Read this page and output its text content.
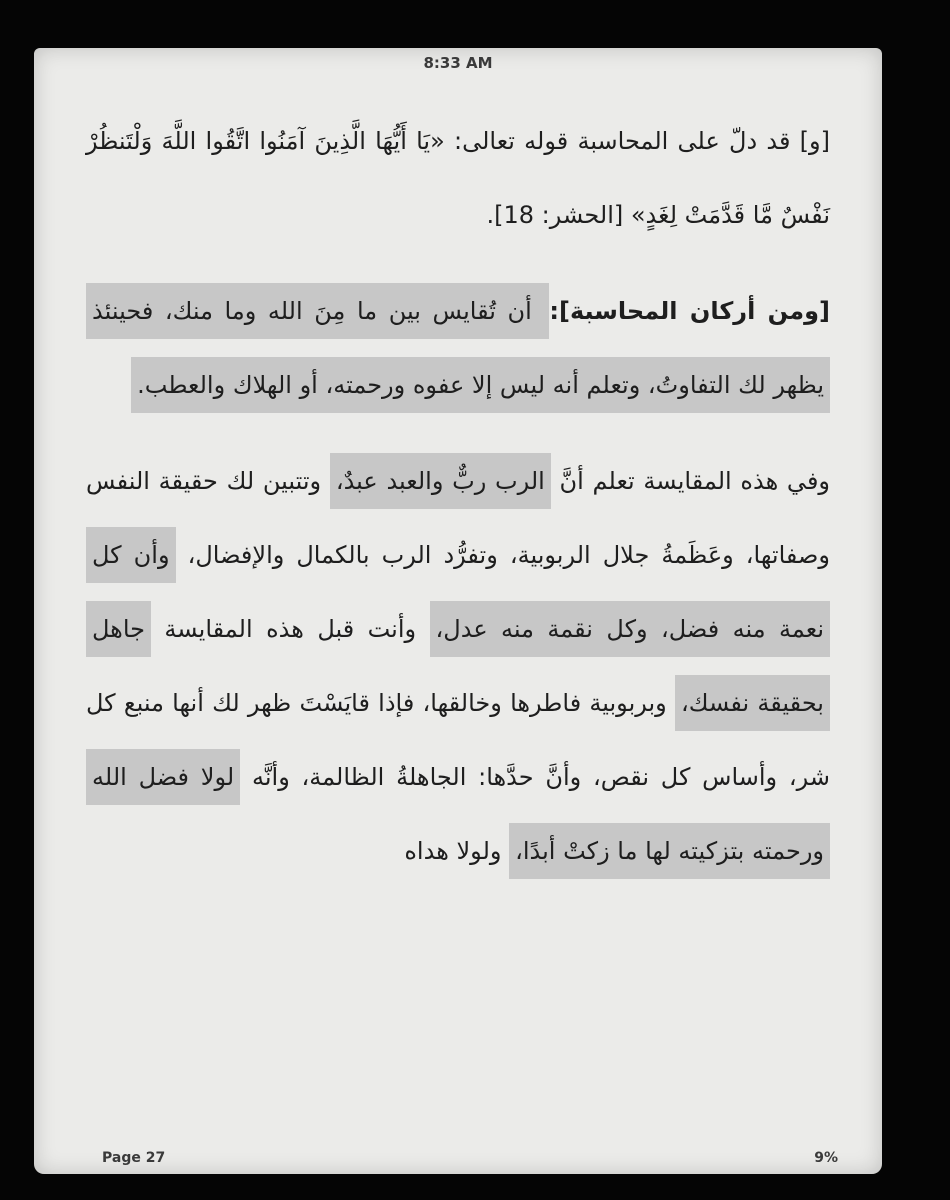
8:33 AM

[و] قد دلّ على المحاسبة قوله تعالى: «يَا أَيُّهَا الَّذِينَ آمَنُوا اتَّقُوا اللَّهَ وَلْتَنظُرْ نَفْسٌ مَّا قَدَّمَتْ لِغَدٍ» [الحشر: 18].

[ومن أركان المحاسبة]: أن تُقايس بين ما مِنَ الله وما منك، فحينئذ يظهر لك التفاوتُ، وتعلم أنه ليس إلا عفوه ورحمته، أو الهلاك والعطب.

وفي هذه المقايسة تعلم أنَّ الرب ربٌّ والعبد عبدٌ، وتتبين لك حقيقة النفس وصفاتها، وعَظَمةُ جلال الربوبية، وتفرُّد الرب بالكمال والإفضال، وأن كل نعمة منه فضل، وكل نقمة منه عدل، وأنت قبل هذه المقايسة جاهل بحقيقة نفسك، وبربوبية فاطرها وخالقها، فإذا قايَسْتَ ظهر لك أنها منبع كل شر، وأساس كل نقص، وأنَّ حدَّها: الجاهلةُ الظالمة، وأنَّه لولا فضل الله ورحمته بتزكيته لها ما زكتْ أبدًا، ولولا هداه

Page 27	9%
